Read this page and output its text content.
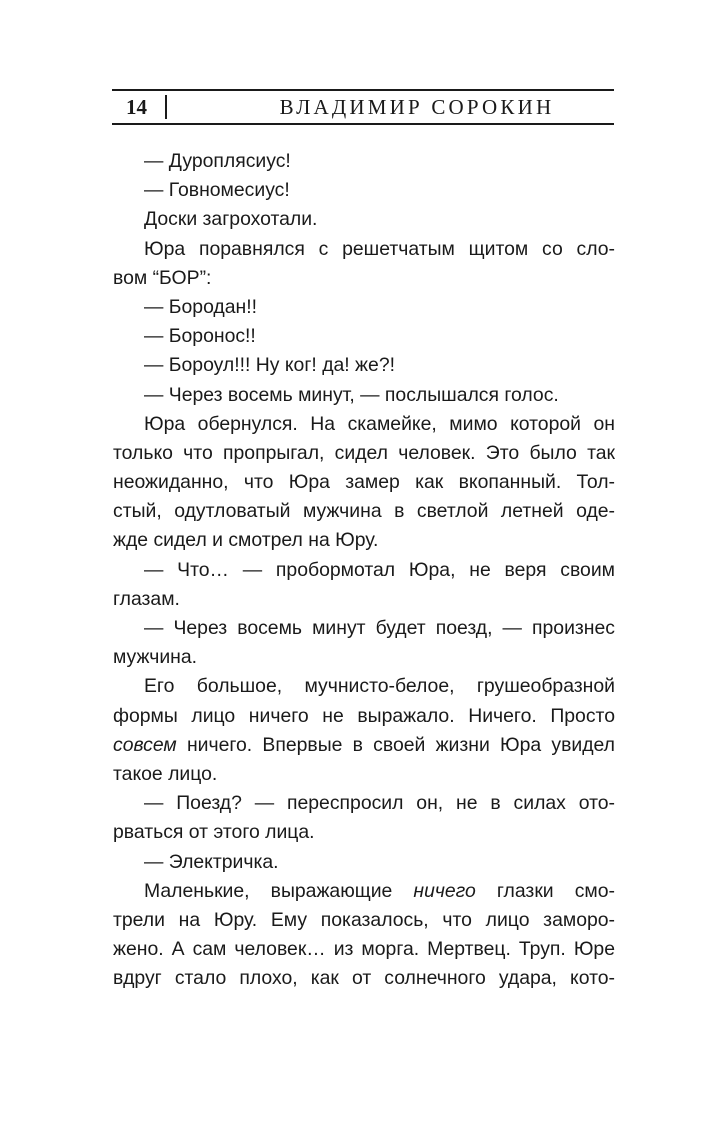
14	ВЛАДИМИР СОРОКИН
— Дуроплясиус!
— Говномесиус!
Доски загрохотали.
Юра поравнялся с решетчатым щитом со сло-
вом “БОР”:
— Бородан!!
— Боронос!!
— Бороул!!! Ну ког! да! же?!
— Через восемь минут, — послышался голос.
Юра обернулся. На скамейке, мимо которой он
только что пропрыгал, сидел человек. Это было так
неожиданно, что Юра замер как вкопанный. Тол-
стый, одутловатый мужчина в светлой летней оде-
жде сидел и смотрел на Юру.
— Что… — пробормотал Юра, не веря своим
глазам.
— Через восемь минут будет поезд, — произнес
мужчина.
Его большое, мучнисто-белое, грушеобразной
формы лицо ничего не выражало. Ничего. Просто
совсем ничего. Впервые в своей жизни Юра увидел
такое лицо.
— Поезд? — переспросил он, не в силах ото-
рваться от этого лица.
— Электричка.
Маленькие, выражающие ничего глазки смо-
трели на Юру. Ему показалось, что лицо заморо-
жено. А сам человек… из морга. Мертвец. Труп. Юре
вдруг стало плохо, как от солнечного удара, кото-
